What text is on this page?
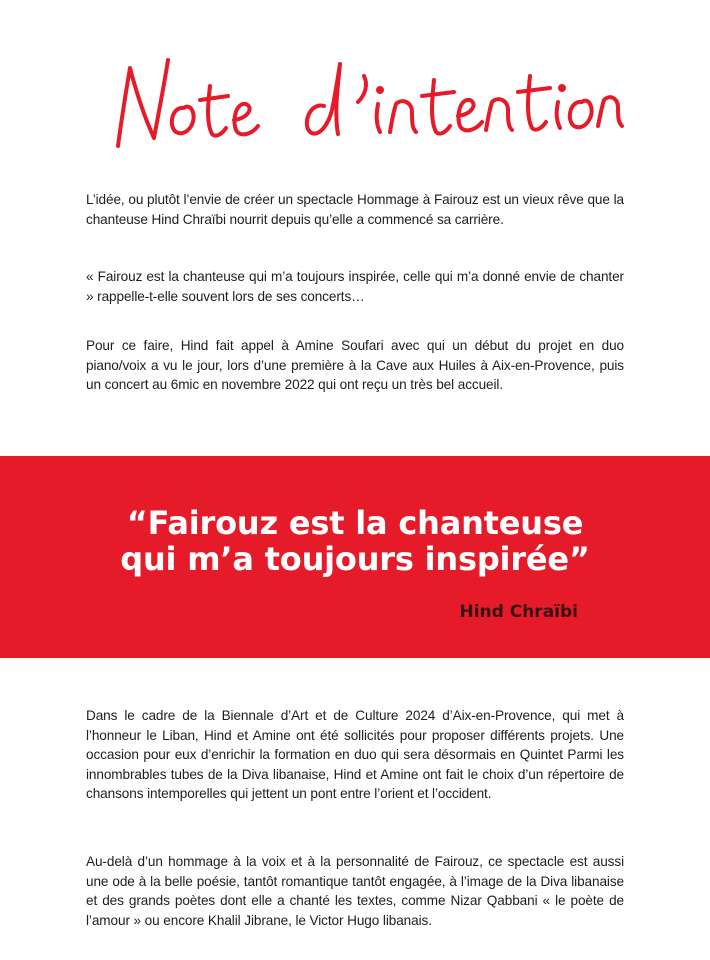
L’idée, ou plutôt l’envie de créer un spectacle Hommage à Fairouz est un vieux rêve que la chanteuse Hind Chraïbi nourrit depuis qu’elle a commencé sa carrière.

« Fairouz est la chanteuse qui m’a toujours inspirée, celle qui m’a donné envie de chanter » rappelle-t-elle souvent lors de ses concerts…

Pour ce faire, Hind fait appel à Amine Soufari avec qui un début du projet en duo piano/voix a vu le jour, lors d’une première à la Cave aux Huiles à Aix-en-Provence, puis un concert au 6mic en novembre 2022 qui ont reçu un très bel accueil.

“Fairouz est la chanteuse
qui m’a toujours inspirée”

Hind Chraïbi

Dans le cadre de la Biennale d’Art et de Culture 2024 d’Aix-en-Provence, qui met à l’honneur le Liban, Hind et Amine ont été sollicités pour proposer différents projets. Une occasion pour eux d’enrichir la formation en duo qui sera désormais en Quintet Parmi les innombrables tubes de la Diva libanaise, Hind et Amine ont fait le choix d’un répertoire de chansons intemporelles qui jettent un pont entre l’orient et l’occident.

Au-delà d’un hommage à la voix et à la personnalité de Fairouz, ce spectacle est aussi une ode à la belle poésie, tantôt romantique tantôt engagée, à l’image de la Diva libanaise et des grands poètes dont elle a chanté les textes, comme Nizar Qabbani « le poète de l’amour » ou encore Khalil Jibrane, le Victor Hugo libanais.
